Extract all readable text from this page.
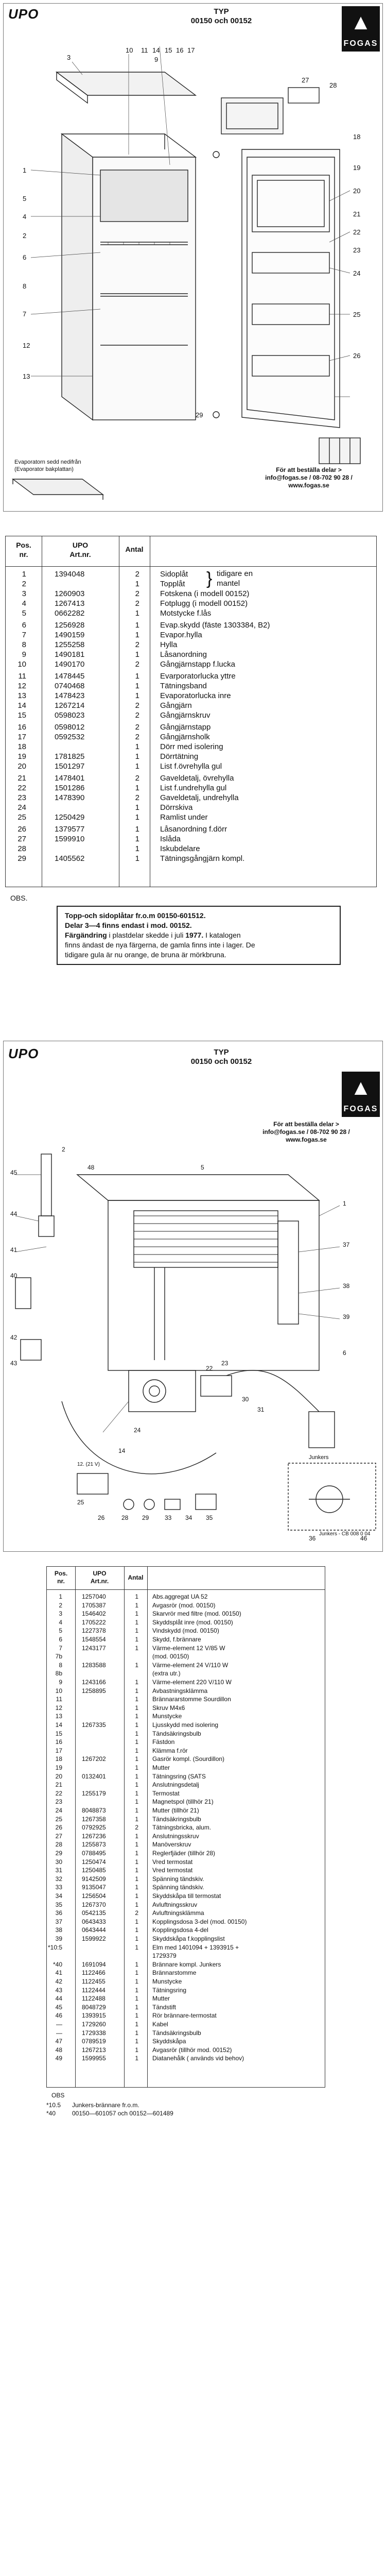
UPO	TYP
00150 och 00152	▲
FOGAS
3
10 11 14 15 16 17
9
27
28
1
5
4
2
6
8
7
12
13
18
19
20
21
22
23
24
25
26
29
Evaporatorn sedd nedifrån
(Evaporator bakplattan)	För att beställa delar >
info@fogas.se / 08-702 90 28 /
www.fogas.se
Pos.
nr.
UPO
Art.nr.
Antal
1	1394048	2	Sidoplåt
2	1	Topplåt
3	1260903	2	Fotskena (i modell 00152)
4	1267413	2	Fotplugg (i modell 00152)
5	0662282	1	Motstycke f.lås
6	1256928	1	Evap.skydd (fäste 1303384, B2)
7	1490159	1	Evapor.hylla
8	1255258	2	Hylla
9	1490181	1	Låsanordning
10	1490170	2	Gångjärnstapp f.lucka
11	1478445	1	Evarporatorlucka yttre
12	0740468	1	Tätningsband
13	1478423	1	Evaporatorlucka inre
14	1267214	2	Gångjärn
15	0598023	2	Gångjärnskruv
16	0598012	2	Gångjärnstapp
17	0592532	2	Gångjärnsholk
18	1	Dörr med isolering
19	1781825	1	Dörrtätning
20	1501297	1	List f.övrehylla gul
21	1478401	2	Gaveldetalj, övrehylla
22	1501286	1	List f.undrehylla gul
23	1478390	2	Gaveldetalj, undrehylla
24	1	Dörrskiva
25	1250429	1	Ramlist under
26	1379577	1	Låsanordning f.dörr
27	1599910	1	Islåda
28	1	Iskubdelare
29	1405562	1	Tätningsgångjärn kompl.
} tidigare en
mantel
OBS.
Topp-och sidoplåtar fr.o.m 00150-601512.
Delar 3—4 finns endast i mod. 00152.
Färgändring i plastdelar skedde i juli 1977. I katalogen
finns ändast de nya färgerna, de gamla finns inte i lager. De
tidigare gula är nu orange, de bruna är mörkbruna.
UPO	TYP
00150 och 00152
▲
FOGAS
För att beställa delar >
info@fogas.se / 08-702 90 28 /
www.fogas.se
45
44
41
40
42
43
2
48	5
1
37
38
39
6
14
24
22
23
30
31
25
26	28 29	33 34 35
36	46
12. (21 V)
Junkers
Junkers - CB 008 0 04
Pos.
nr.
UPO
Art.nr.	Antal
1	1257040	1 Abs.aggregat UA 52
2	1705387	1 Avgasrör (mod. 00150)
3	1546402	1 Skarvrör med filtre (mod. 00150)
4	1705222	1 Skyddsplåt inre (mod. 00150)
5	1227378	1 Vindskydd (mod. 00150)
6	1548554	1 Skydd, f.brännare
7	1243177	1 Värme-element 12 V/85 W
7b	(mod. 00150)
8	1283588	1 Värme-element 24 V/110 W
8b	(extra utr.)
9	1243166	1 Värme-element 220 V/110 W
10	1258895	1 Avbastningsklämma
11	1 Brännararstomme Sourdillon
12	1 Skruv M4x6
13	1 Munstycke
14	1267335	1 Ljusskydd med isolering
15	1 Tändsäkringsbulb
16	1 Fästdon
17	1 Klämma f.rör
18	1267202	1 Gasrör kompl. (Sourdillon)
19	1 Mutter
20	0132401	1 Tätningsring (SATS
21	1 Anslutningsdetalj
22	1255179	1 Termostat
23	1 Magnetspol (tillhör 21)
24	8048873	1 Mutter (tillhör 21)
25	1267358	1 Tändsäkringsbulb
26	0792925	2 Tätningsbricka, alum.
27	1267236	1 Anslutningsskruv
28	1255873	1 Manöverskruv
29	0788495	1 Reglerfjäder (tillhör 28)
30	1250474	1 Vred termostat
31	1250485	1 Vred termostat
32	9142509	1 Spänning tändskiv.
33	9135047	1 Spänning tändskiv.
34	1256504	1 Skyddskåpa till termostat
35	1267370	1 Avluftningsskruv
36	0542135	2 Avluftningsklämma
37	0643433	1 Kopplingsdosa 3-del (mod. 00150)
38	0643444	1 Kopplingsdosa 4-del
39	1599922	1 Skyddskåpa f.kopplingslist
*10:5	1 Elm med 1401094 + 1393915 +
1729379
*40	1691094	1 Brännare kompl. Junkers
41	1122466	1 Brännarstomme
42	1122455	1 Munstycke
43	1122444	1 Tätningsring
44	1122488	1 Mutter
45	8048729	1 Tändstift
46	1393915	1 Rör brännare-termostat
—	1729260	1 Kabel
—	1729338	1 Tändsäkringsbulb
47	0789519	1 Skyddskåpa
48	1267213	1 Avgasrör (tillhör mod. 00152)
49	1599955	1 Diatanehålk ( används vid behov)
OBS
*10.5
*40
Junkers-brännare fr.o.m.
00150—601057 och 00152—601489
